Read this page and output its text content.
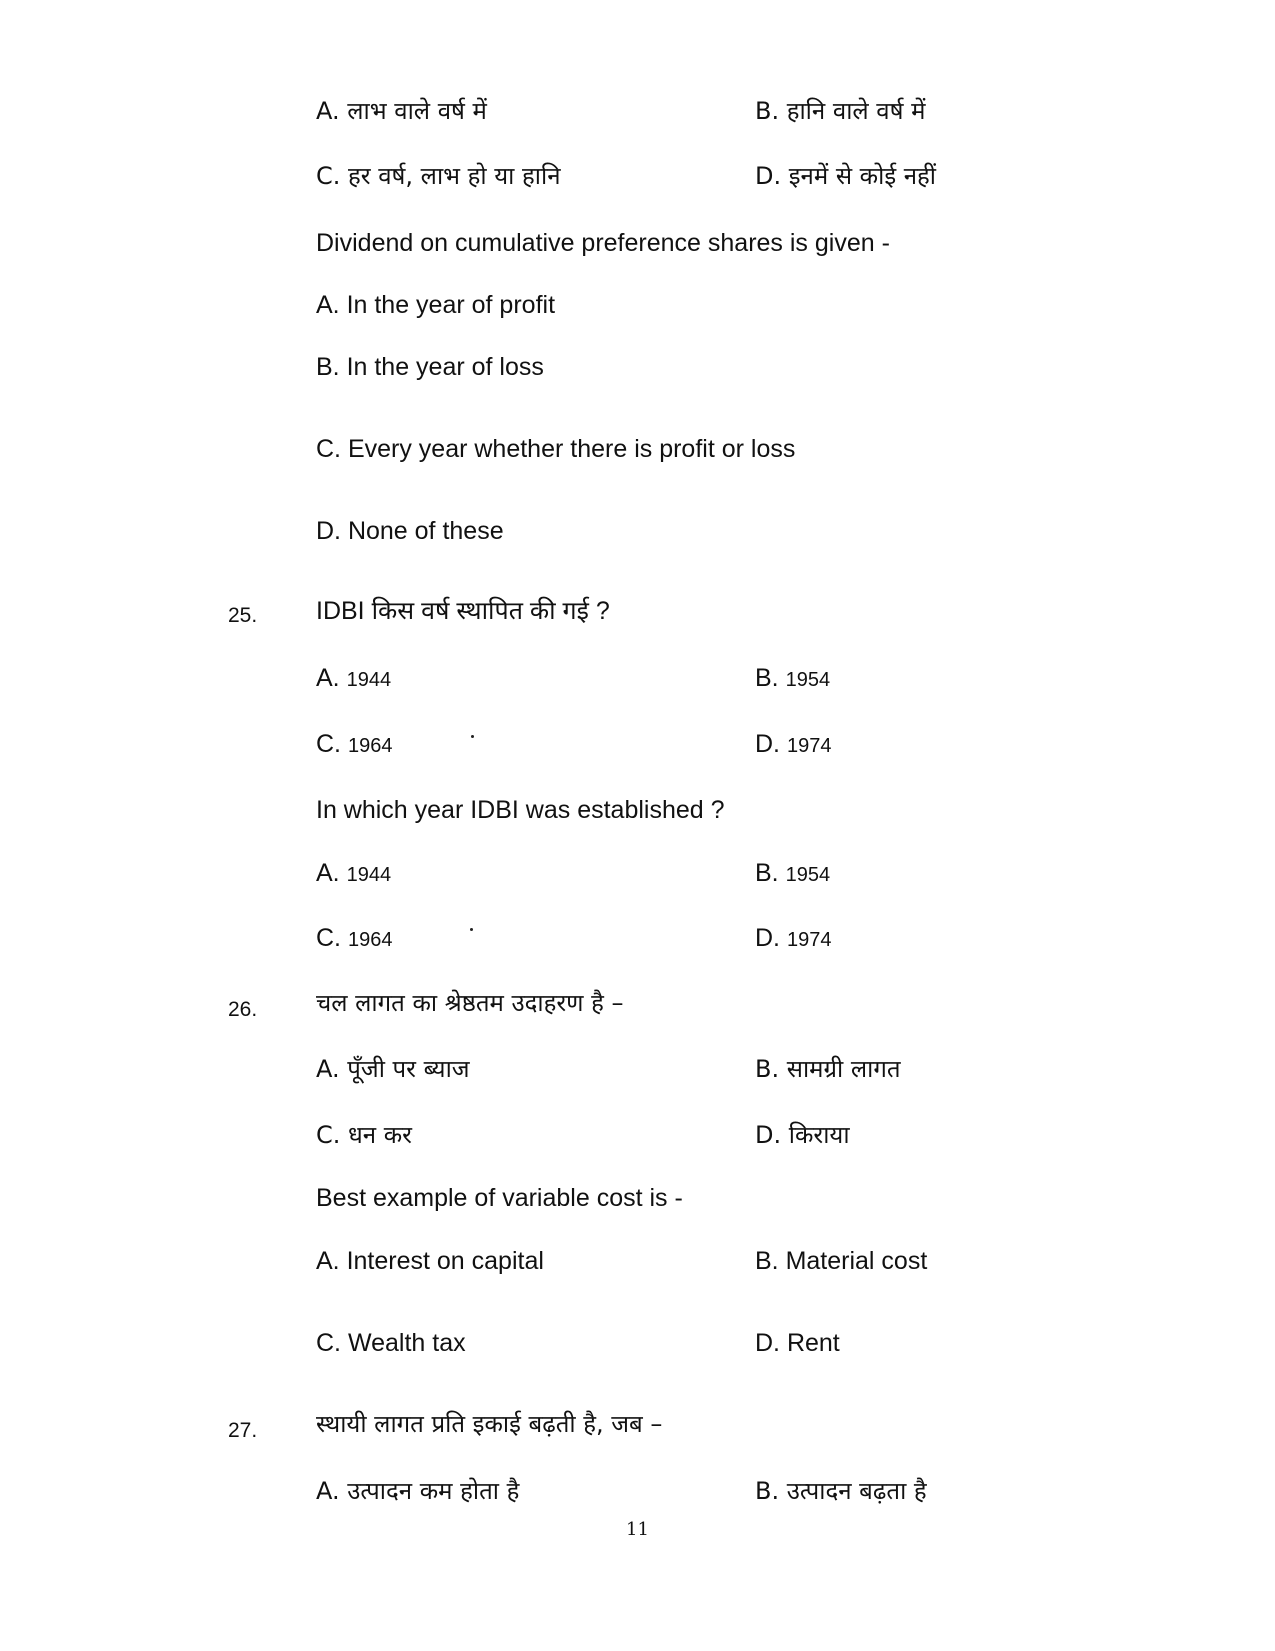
A. लाभ वाले वर्ष में	B. हानि वाले वर्ष में
C. हर वर्ष, लाभ हो या हानि	D. इनमें से कोई नहीं
Dividend on cumulative preference shares is given -
A. In the year of profit
B. In the year of loss
C. Every year whether there is profit or loss
D. None of these
25. IDBI किस वर्ष स्थापित की गई ?
A. 1944	B. 1954
C. 1964	D. 1974
In which year IDBI was established ?
A. 1944	B. 1954
C. 1964	D. 1974
26. चल लागत का श्रेष्ठतम उदाहरण है –
A. पूँजी पर ब्याज	B. सामग्री लागत
C. धन कर	D. किराया
Best example of variable cost is -
A. Interest on capital	B. Material cost
C. Wealth tax	D. Rent
27. स्थायी लागत प्रति इकाई बढ़ती है, जब –
A. उत्पादन कम होता है	B. उत्पादन बढ़ता है
11
